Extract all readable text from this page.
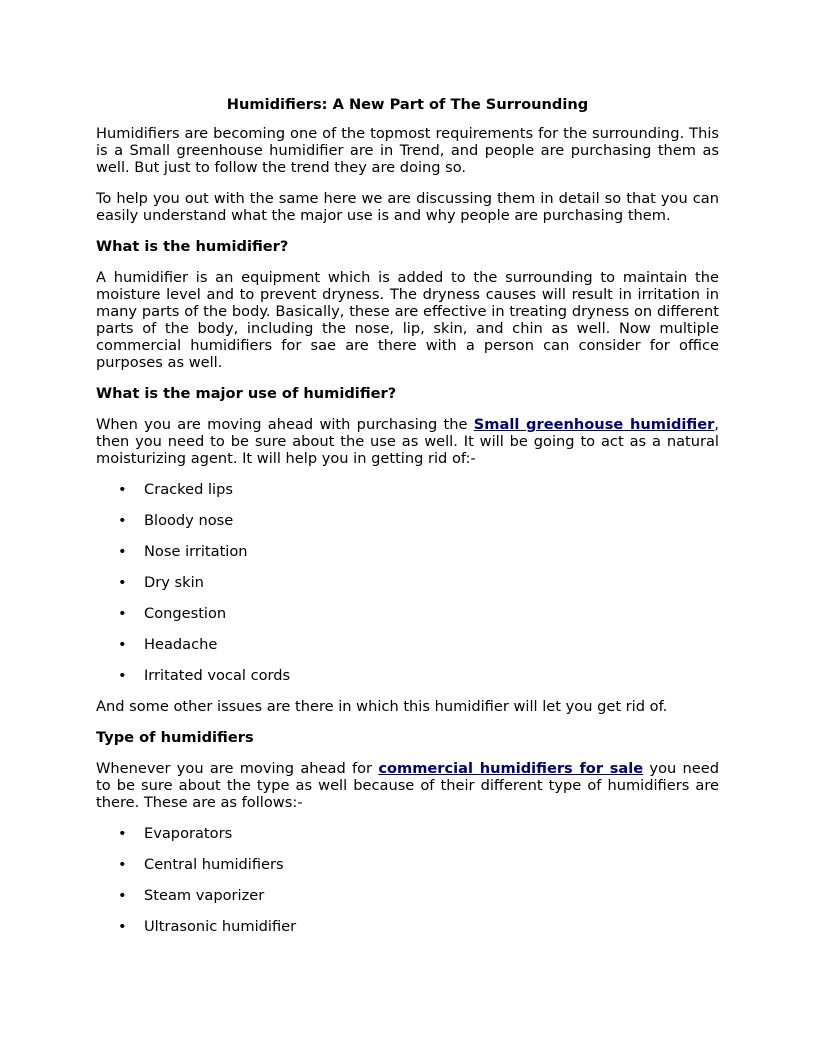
Humidifiers: A New Part of The Surrounding

Humidifiers are becoming one of the topmost requirements for the surrounding. This is a Small greenhouse humidifier are in Trend, and people are purchasing them as well. But just to follow the trend they are doing so.

To help you out with the same here we are discussing them in detail so that you can easily understand what the major use is and why people are purchasing them.

What is the humidifier?

A humidifier is an equipment which is added to the surrounding to maintain the moisture level and to prevent dryness. The dryness causes will result in irritation in many parts of the body. Basically, these are effective in treating dryness on different parts of the body, including the nose, lip, skin, and chin as well. Now multiple commercial humidifiers for sae are there with a person can consider for office purposes as well.

What is the major use of humidifier?

When you are moving ahead with purchasing the Small greenhouse humidifier, then you need to be sure about the use as well. It will be going to act as a natural moisturizing agent. It will help you in getting rid of:-

• Cracked lips
• Bloody nose
• Nose irritation
• Dry skin
• Congestion
• Headache
• Irritated vocal cords

And some other issues are there in which this humidifier will let you get rid of.

Type of humidifiers

Whenever you are moving ahead for commercial humidifiers for sale you need to be sure about the type as well because of their different type of humidifiers are there. These are as follows:-

• Evaporators
• Central humidifiers
• Steam vaporizer
• Ultrasonic humidifier
